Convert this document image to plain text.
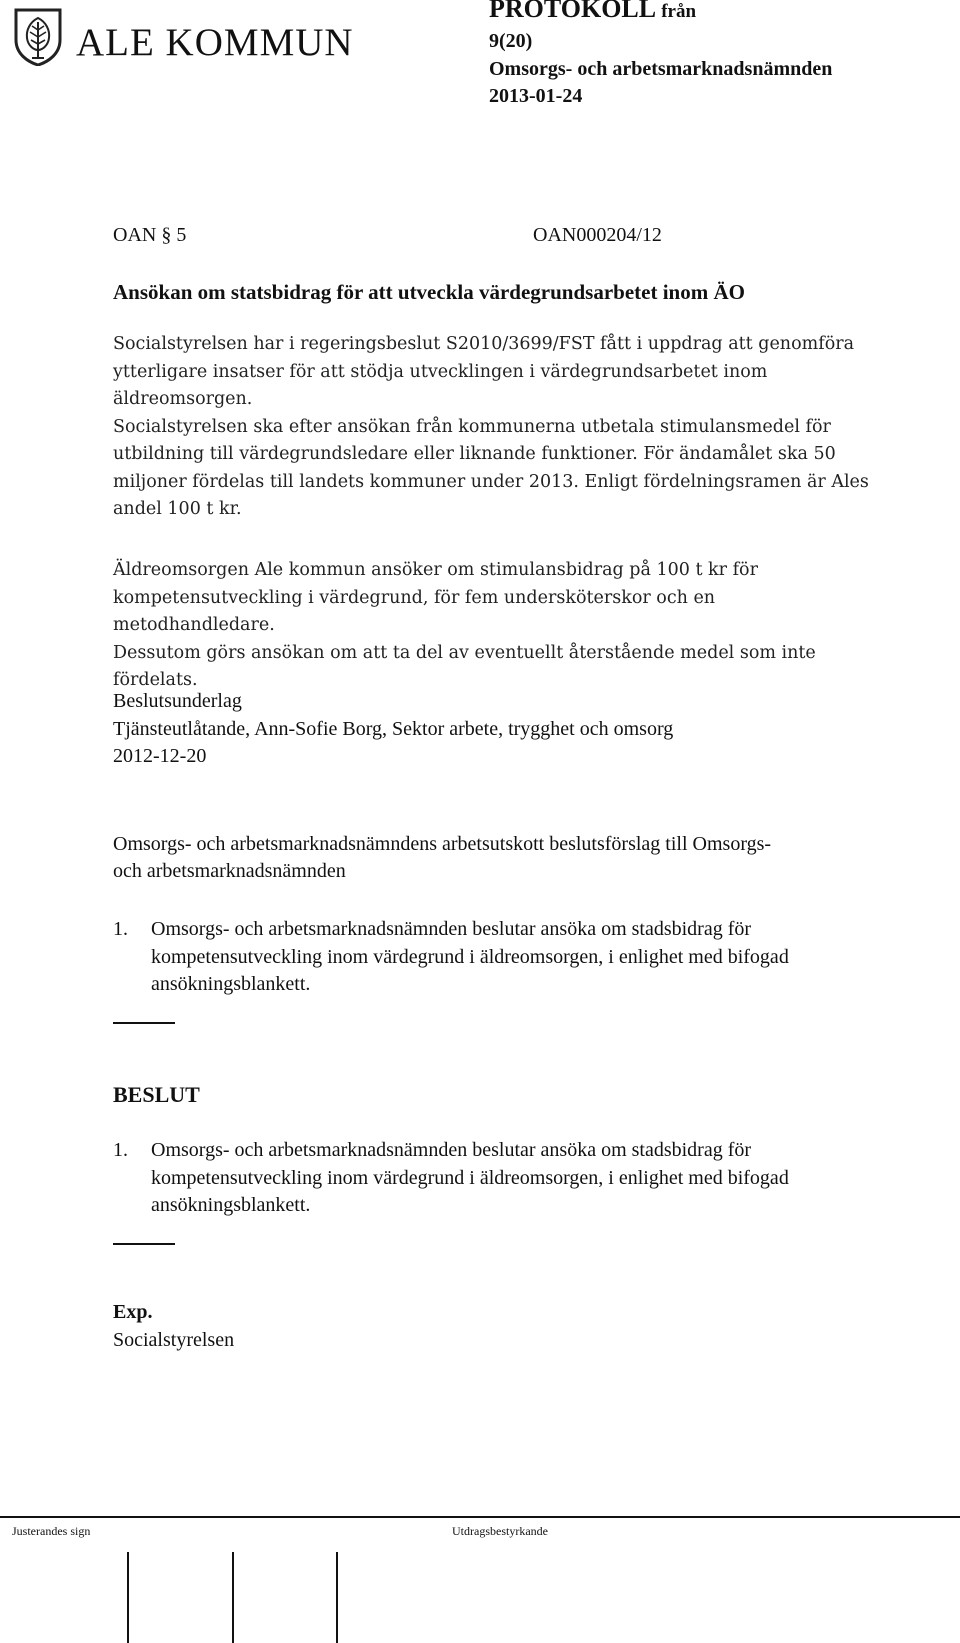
ALE KOMMUN
PROTOKOLL från
9(20)
Omsorgs- och arbetsmarknadsnämnden
2013-01-24
OAN § 5	OAN000204/12
Ansökan om statsbidrag för att utveckla värdegrundsarbetet inom ÄO

Socialstyrelsen har i regeringsbeslut S2010/3699/FST fått i uppdrag att genomföra

ytterligare insatser för att stödja utvecklingen i värdegrundsarbetet inom

äldreomsorgen.

Socialstyrelsen ska efter ansökan från kommunerna utbetala stimulansmedel för

utbildning till värdegrundsledare eller liknande funktioner. För ändamålet ska 50

miljoner fördelas till landets kommuner under 2013. Enligt fördelningsramen är Ales

andel 100 t kr.

Äldreomsorgen Ale kommun ansöker om stimulansbidrag på 100 t kr för

kompetensutveckling i värdegrund, för fem undersköterskor och en metodhandledare.

Dessutom görs ansökan om att ta del av eventuellt återstående medel som inte

fördelats.

Beslutsunderlag
Tjänsteutlåtande, Ann-Sofie Borg, Sektor arbete, trygghet och omsorg
2012-12-20
Omsorgs- och arbetsmarknadsnämndens arbetsutskott beslutsförslag till Omsorgs-
och arbetsmarknadsnämnden
1. Omsorgs- och arbetsmarknadsnämnden beslutar ansöka om stadsbidrag för
kompetensutveckling inom värdegrund i äldreomsorgen, i enlighet med bifogad
ansökningsblankett.
BESLUT
1. Omsorgs- och arbetsmarknadsnämnden beslutar ansöka om stadsbidrag för
kompetensutveckling inom värdegrund i äldreomsorgen, i enlighet med bifogad
ansökningsblankett.
Exp.
Socialstyrelsen
Justerandes sign	Utdragsbestyrkande
